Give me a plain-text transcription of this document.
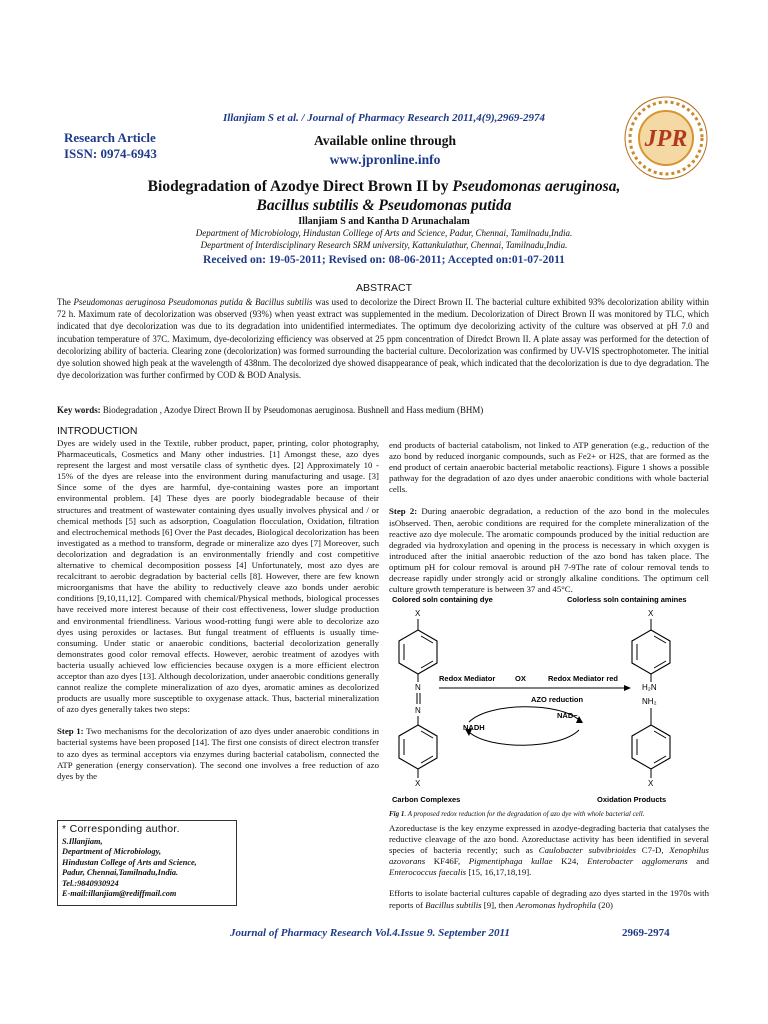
Illanjiam S et al. / Journal of Pharmacy Research 2011,4(9),2969-2974
Research Article
ISSN: 0974-6943
Available online through
www.jpronline.info
JPR
Biodegradation of Azodye Direct Brown II by Pseudomonas aeruginosa,
Bacillus subtilis & Pseudomonas putida
Illanjiam S and Kantha D Arunachalam
Department of Microbiology, Hindustan Colllege of Arts and Science, Padur, Chennai, Tamilnadu,India.
Department of Interdisciplinary Research SRM university, Kattankulathur, Chennai, Tamilnadu,India.
Received on: 19-05-2011; Revised on: 08-06-2011; Accepted on:01-07-2011
ABSTRACT
The Pseudomonas aeruginosa Pseudomonas putida & Bacillus subtilis was used to decolorize the Direct Brown II. The bacterial culture exhibited 93% decolorization ability within 72 h. Maximum rate of decolorization was observed (93%) when yeast extract was supplemented in the medium. Decolorization of Direct Brown II was monitored by TLC, which indicated that dye decolorization was due to its degradation into unidentified intermediates. The optimum dye decolorizing activity of the culture was observed at pH 7.0 and incubation temperature of 37C. Maximum, dye-decolorizing efficiency was observed at 25 ppm concentration of Diredct Brown II. A plate assay was performed for the detection of decolorizing ability of bacteria. Clearing zone (decolorization) was formed surrounding the bacterial culture. Decolorization was confirmed by UV-VIS spectrophotometer. The initial dye solution showed high peak at the wavelength of 438nm. The decolorized dye showed disappearance of peak, which indicated that the decolorization is due to dye degradation. The dye decolorization was further confirmed by COD & BOD Analysis.
Key words: Biodegradation , Azodye Direct Brown II by Pseudomonas aeruginosa. Bushnell and Hass medium (BHM)
INTRODUCTION

Dyes are widely used in the Textile, rubber product, paper, printing, color photography, Pharmaceuticals, Cosmetics and Many other industries. [1] Amongst these, azo dyes represent the largest and most versatile class of synthetic dyes. [2] Approximately 10 - 15% of the dyes are release into the environment during manufacturing and usage. [3] Since some of the dyes are harmful, dye-containing wastes pore an important environmental problem. [4] These dyes are poorly biodegradable because of their structures and treatment of wastewater containing dyes usually involves physical and / or chemical methods [5] such as adsorption, Coagulation flocculation, Oxidation, filtration and electrochemical methods [6] Over the Past decades, Biological decolorization has been investigated as a method to transform, degrade or mineralize azo dyes [7] Moreover, such decolorization and degradation is an environmentally friendly and cost competitive alternative to chemical decomposition possess [4] Unfortunately, most azo dyes are recalcitrant to aerobic degradation by bacterial cells [8]. However, there are few known microorganisms that have the ability to reductively cleave azo bonds under aerobic conditions [9,10,11,12]. Compared with chemical/Physical methods, biological processes have received more interest because of their cost effectiveness, lower sludge production and environmental friendliness. Various wood-rotting fungi were able to decolorize azo dyes using peroxides or lactases. But fungal treatment of effluents is usually time-consuming. Under static or anaerobic conditions, bacterial decolorization generally demonstrates good color removal effects. However, aerobic treatment of azodyes with bacteria usually achieved low efficiencies because oxygen is a more efficient electron acceptor than azo dyes [13]. Although decolorization, under anaerobic conditions generally cannot realize the complete mineralization of azo dyes, aromatic amines as decolorized products are usually more susceptible to oxygenase attack. Thus, bacterial mineralization of azo dyes generally takes two steps:

Step 1: Two mechanisms for the decolorization of azo dyes under anaerobic conditions in bacterial systems have been proposed [14]. The first one consists of direct electron transfer to azo dyes as terminal acceptors via enzymes during bacterial catabolism, connected the ATP generation (energy conservation). The second one involves a free reduction of azo dyes by the

end products of bacterial catabolism, not linked to ATP generation (e.g., reduction of the azo bond by reduced inorganic compounds, such as Fe2+ or H2S, that are formed as the end product of certain anaerobic bacterial metabolic reactions). Figure 1 shows a possible pathway for the degradation of azo dyes under anaerobic conditions with whole bacterial cells.

Step 2: During anaerobic degradation, a reduction of the azo bond in the molecules isObserved. Then, aerobic conditions are required for the complete mineralization of the reactive azo dye molecule. The aromatic compounds produced by the initial reduction are degraded via hydroxylation and opening in the process is necessary in which oxygen is introduced after the initial anaerobic reduction of the azo bond has taken place. The optimum pH for colour removal is around pH 7-9The rate of colour removal tends to decrease rapidly under strongly acid or strongly alkaline conditions. The optimum cell culture growth temperature is between 37 and 45°C.

Colored soln containing dye	Colorless soln containing amines
X	X
N
N
H₂N
NH₂
Redox Mediator	OX	Redox Mediator red
AZO reduction
NADH
NAD−
X	X
Carbon Complexes	Oxidation Products
Fig 1. A proposed redox reduction for the degradation of azo dye with whole bacterial cell.

Azoreductase is the key enzyme expressed in azodye-degrading bacteria that catalyses the reductive cleavage of the azo bond. Azoreductase activity has been identified in several species of bacteria recently; such as Caulobacter subvibrioides C7-D, Xenophilus azovorans KF46F, Pigmentiphaga kullae K24, Enterobacter agglomerans and Enterococcus faecalis [15, 16,17,18,19].

Efforts to isolate bacterial cultures capable of degrading azo dyes started in the 1970s with reports of Bacillus subtilis [9], then Aeromonas hydrophila (20)

* Corresponding author.
S.Illanjiam,
Department of Microbiology,
Hindustan College of Arts and Science,
Padur, Chennai,Tamilnadu,India.
Tel.:9840930924
E-mail:illanjiam@rediffmail.com
Journal of Pharmacy Research Vol.4.Issue 9. September 2011	2969-2974
